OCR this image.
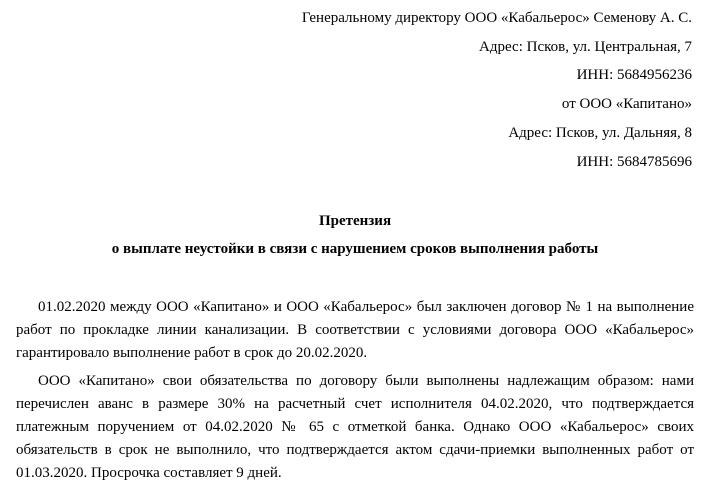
Генеральному директору ООО «Кабальерос» Семенову А. С.
Адрес: Псков, ул. Центральная, 7
ИНН: 5684956236
от ООО «Капитано»
Адрес: Псков, ул. Дальняя, 8
ИНН: 5684785696
Претензия
о выплате неустойки в связи с нарушением сроков выполнения работы
01.02.2020 между ООО «Капитано» и ООО «Кабальерос» был заключен договор № 1 на выполнение работ по прокладке линии канализации. В соответствии с условиями договора ООО «Кабальерос» гарантировало выполнение работ в срок до 20.02.2020.
ООО «Капитано» свои обязательства по договору были выполнены надлежащим образом: нами перечислен аванс в размере 30% на расчетный счет исполнителя 04.02.2020, что подтверждается платежным поручением от 04.02.2020 № 65 с отметкой банка. Однако ООО «Кабальерос» своих обязательств в срок не выполнило, что подтверждается актом сдачи-приемки выполненных работ от 01.03.2020. Просрочка составляет 9 дней.
